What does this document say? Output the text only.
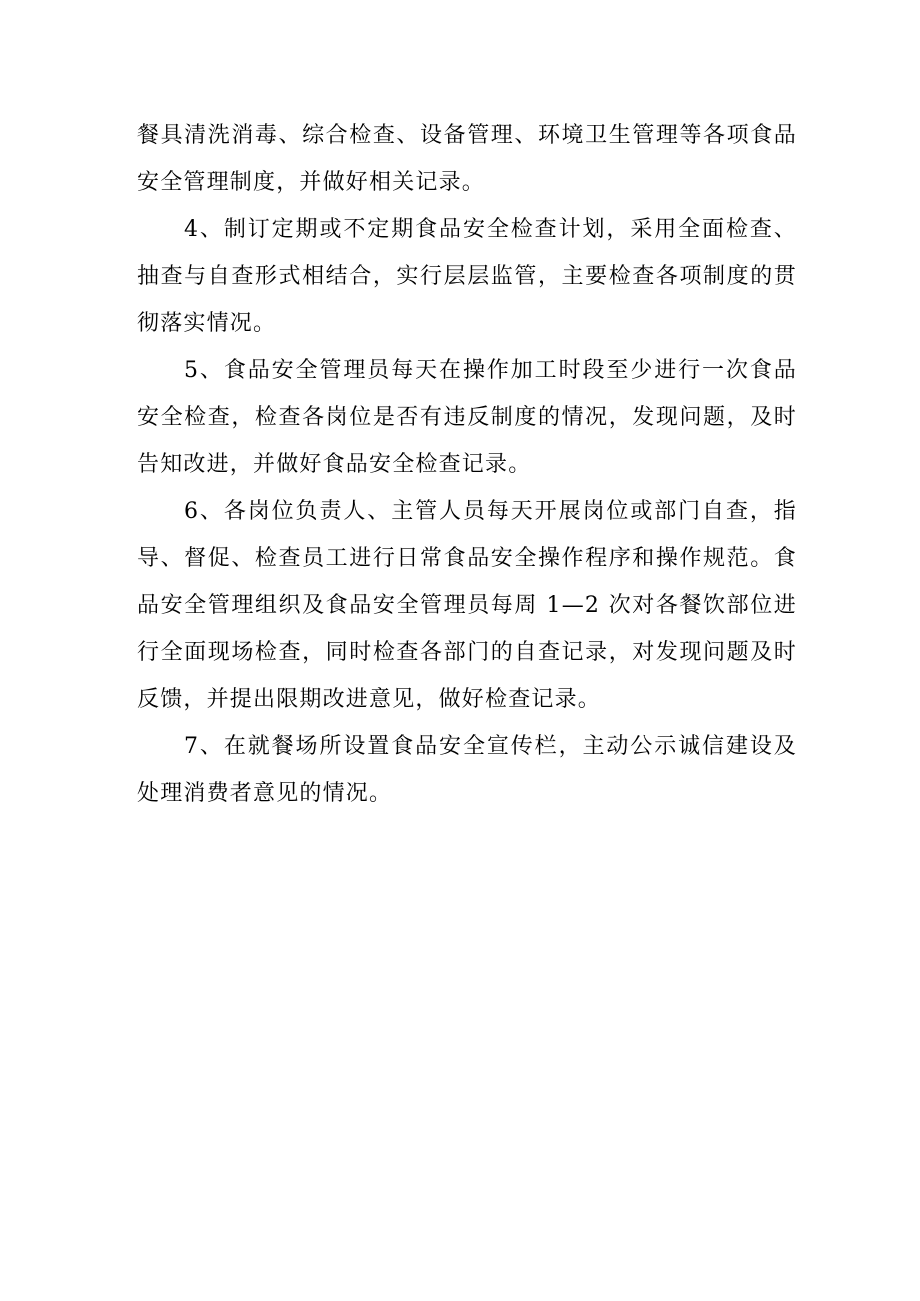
餐具清洗消毒、综合检查、设备管理、环境卫生管理等各项食品安全管理制度，并做好相关记录。

4、制订定期或不定期食品安全检查计划，采用全面检查、抽查与自查形式相结合，实行层层监管，主要检查各项制度的贯彻落实情况。

5、食品安全管理员每天在操作加工时段至少进行一次食品安全检查，检查各岗位是否有违反制度的情况，发现问题，及时告知改进，并做好食品安全检查记录。

6、各岗位负责人、主管人员每天开展岗位或部门自查，指导、督促、检查员工进行日常食品安全操作程序和操作规范。食品安全管理组织及食品安全管理员每周 1—2 次对各餐饮部位进行全面现场检查，同时检查各部门的自查记录，对发现问题及时反馈，并提出限期改进意见，做好检查记录。

7、在就餐场所设置食品安全宣传栏，主动公示诚信建设及处理消费者意见的情况。
